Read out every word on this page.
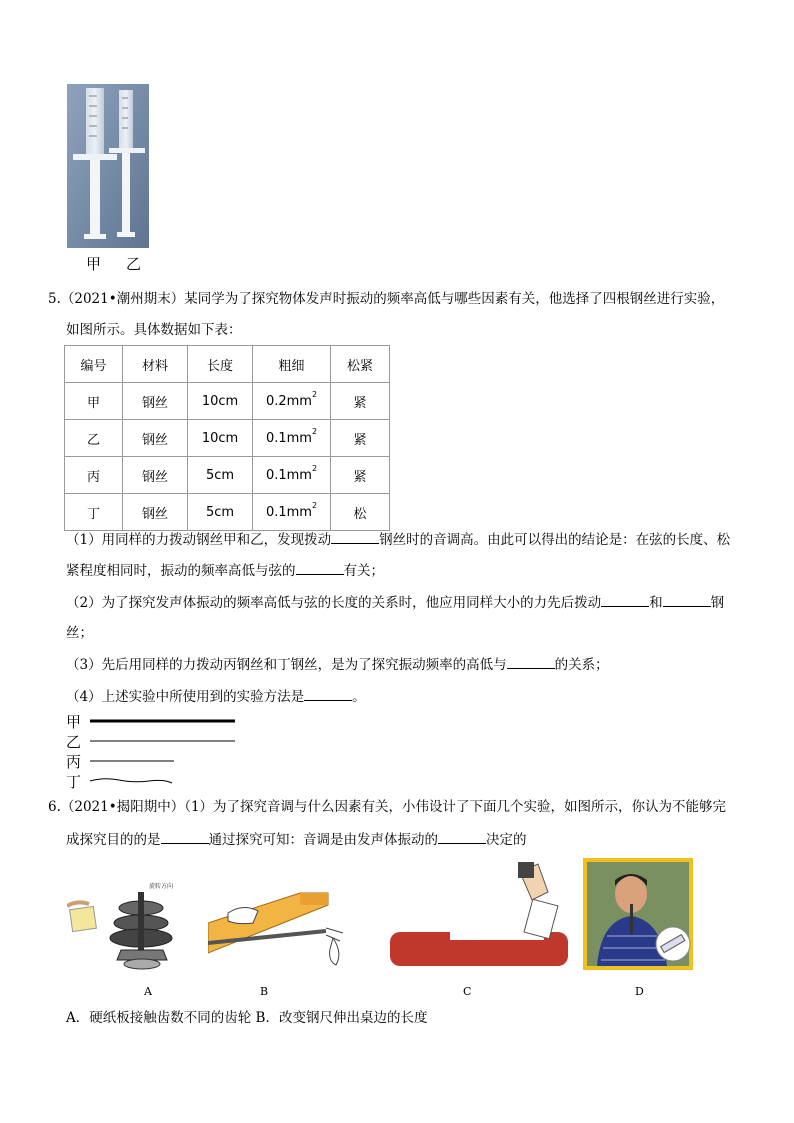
甲 乙
5.（2021•潮州期末）某同学为了探究物体发声时振动的频率高低与哪些因素有关，他选择了四根钢丝进行实验，
如图所示。具体数据如下表：
编号	材料	长度	粗细	松紧
甲	钢丝	10cm	$0.2mm^2$	紧
乙	钢丝	10cm	$0.1mm^2$	紧
丙	钢丝	5cm	$0.1mm^2$	紧
丁	钢丝	5cm	$0.1mm^2$	松
（1）用同样的力拨动钢丝甲和乙，发现拨动	钢丝时的音调高。由此可以得出的结论是：在弦的长度、松
紧程度相同时，振动的频率高低与弦的	有关；
（2）为了探究发声体振动的频率高低与弦的长度的关系时，他应用同样大小的力先后拨动	和	钢
丝；
（3）先后用同样的力拨动丙钢丝和丁钢丝，是为了探究振动频率的高低与	的关系；
（4）上述实验中所使用到的实验方法是	。
甲
乙
丙
丁
6.（2021•揭阳期中）（1）为了探究音调与什么因素有关，小伟设计了下面几个实验，如图所示，你认为不能够完
成探究目的的是	通过探究可知：音调是由发声体振动的	决定的
旋转方向
A	B	C	D
A．硬纸板接触齿数不同的齿轮 B．改变钢尺伸出桌边的长度
